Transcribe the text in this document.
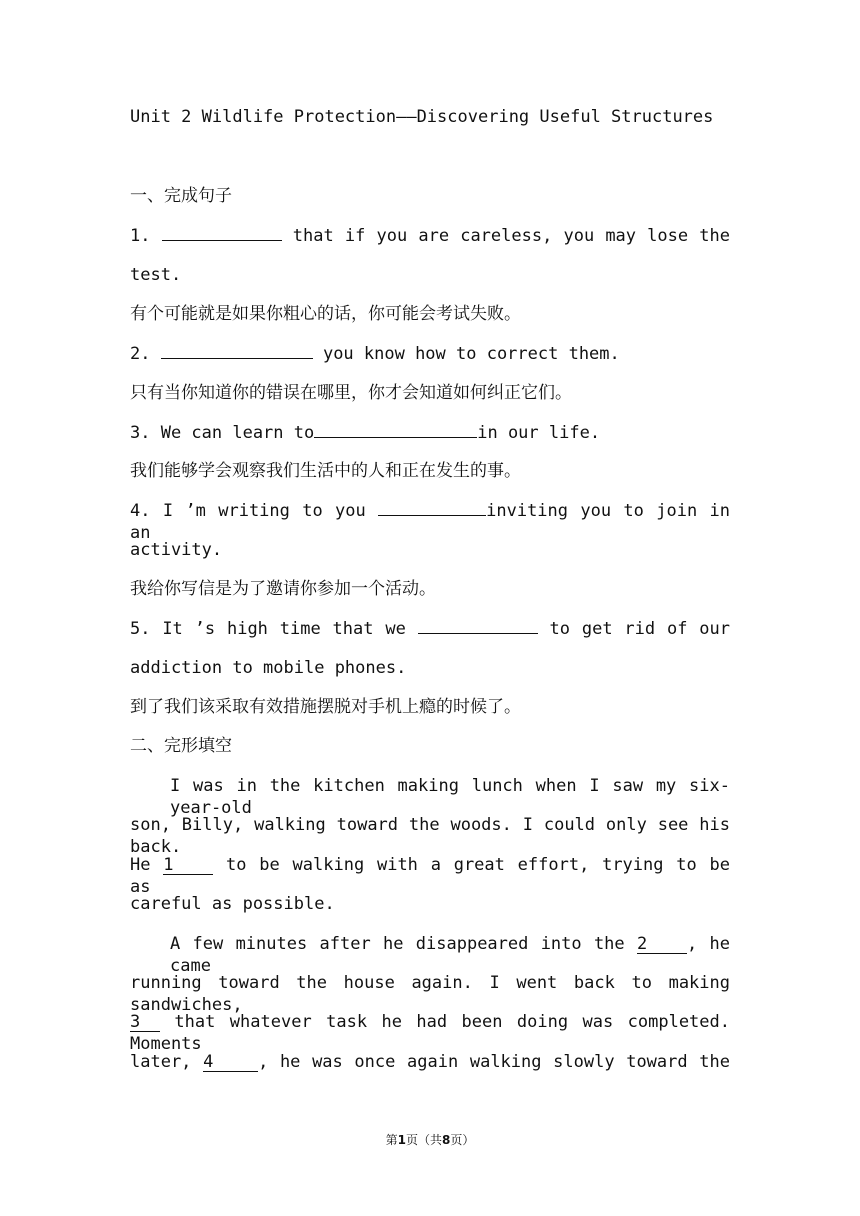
Unit 2 Wildlife Protection——Discovering Useful Structures
一、完成句子
1.	that if you are careless, you may lose the
test.
有个可能就是如果你粗心的话，你可能会考试失败。
2.	you know how to correct them.
只有当你知道你的错误在哪里，你才会知道如何纠正它们。
3. We can learn to	in our life.
我们能够学会观察我们生活中的人和正在发生的事。
4. I ’m writing to you	inviting you to join in an
activity.
我给你写信是为了邀请你参加一个活动。
5. It ’s high time that we	to get rid of our
addiction to mobile phones.
到了我们该采取有效措施摆脱对手机上瘾的时候了。
二、完形填空
I was in the kitchen making lunch when I saw my six-year-old
son, Billy, walking toward the woods. I could only see his back.
He 1 to be walking with a great effort, trying to be as
careful as possible.
A few minutes after he disappeared into the 2 , he came
running toward the house again. I went back to making sandwiches,
3 that whatever task he had been doing was completed. Moments
later, 4	, he was once again walking slowly toward the
第1页（共8页）
